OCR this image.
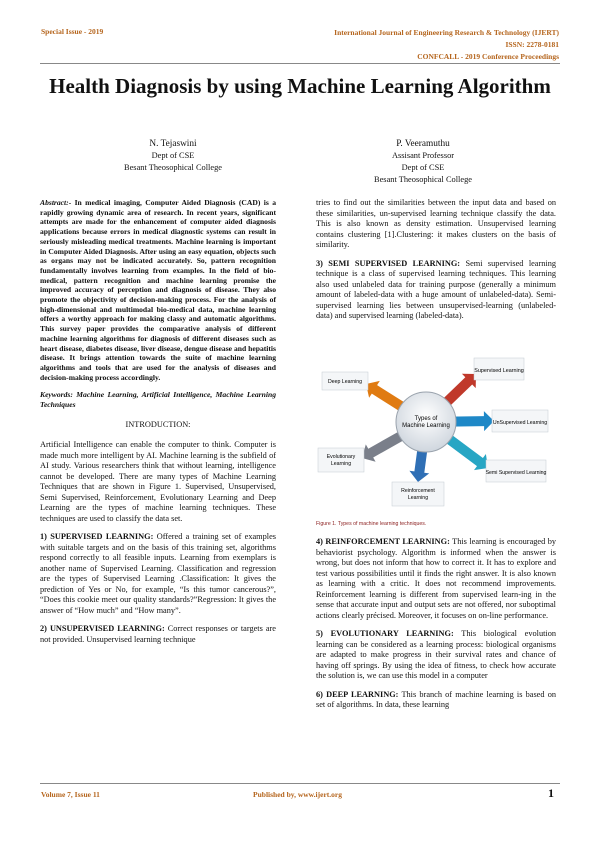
Special Issue - 2019	International Journal of Engineering Research & Technology (IJERT)
ISSN: 2278-0181
CONFCALL - 2019 Conference Proceedings
Health Diagnosis by using Machine Learning Algorithm
N. Tejaswini
Dept of CSE
Besant Theosophical College
P. Veeramuthu
Assisant Professor
Dept of CSE
Besant Theosophical College

Abstract:- In medical imaging, Computer Aided Diagnosis (CAD) is a rapidly growing dynamic area of research. In recent years, significant attempts are made for the enhancement of computer aided diagnosis applications because errors in medical diagnostic systems can result in seriously misleading medical treatments. Machine learning is important in Computer Aided Diagnosis. After using an easy equation, objects such as organs may not be indicated accurately. So, pattern recognition fundamentally involves learning from examples. In the field of bio-medical, pattern recognition and machine learning promise the improved accuracy of perception and diagnosis of disease. They also promote the objectivity of decision-making process. For the analysis of high-dimensional and multimodal bio-medical data, machine learning offers a worthy approach for making classy and automatic algorithms. This survey paper provides the comparative analysis of different machine learning algorithms for diagnosis of different diseases such as heart disease, diabetes disease, liver disease, dengue disease and hepatitis disease. It brings attention towards the suite of machine learning algorithms and tools that are used for the analysis of diseases and decision-making process accordingly.

Keywords: Machine Learning, Artificial Intelligence, Machine Learning Techniques

INTRODUCTION:

Artificial Intelligence can enable the computer to think. Computer is made much more intelligent by AI. Machine learning is the subfield of AI study. Various researchers think that without learning, intelligence cannot be developed. There are many types of Machine Learning Techniques that are shown in Figure 1. Supervised, Unsupervised, Semi Supervised, Reinforcement, Evolutionary Learning and Deep Learning are the types of machine learning techniques. These techniques are used to classify the data set.

1) SUPERVISED LEARNING: Offered a training set of examples with suitable targets and on the basis of this training set, algorithms respond correctly to all feasible inputs. Learning from exemplars is another name of Supervised Learning. Classification and regression are the types of Supervised Learning .Classification: It gives the prediction of Yes or No, for example, “Is this tumor cancerous?”, “Does this cookie meet our quality standards?”Regression: It gives the answer of “How much” and “How many”.

2) UNSUPERVISED LEARNING: Correct responses or targets are not provided. Unsupervised learning technique

tries to find out the similarities between the input data and based on these similarities, un-supervised learning technique classify the data. This is also known as density estimation. Unsupervised learning contains clustering [1].Clustering: it makes clusters on the basis of similarity.

3) SEMI SUPERVISED LEARNING: Semi supervised learning technique is a class of supervised learning techniques. This learning also used unlabeled data for training purpose (generally a minimum amount of labeled-data with a huge amount of unlabeled-data). Semi-supervised learning lies between unsupervised-learning (unlabeled-data) and supervised learning (labeled-data).

Types of Machine Learning
Supervised Learning
UnSupervised Learning
Semi Supervised Learning
Reinforcement Learning
Evolutionary Learning
Deep Learning

Figure 1. Types of machine learning techniques.

4) REINFORCEMENT LEARNING: This learning is encouraged by behaviorist psychology. Algorithm is informed when the answer is wrong, but does not inform that how to correct it. It has to explore and test various possibilities until it finds the right answer. It is also known as learning with a critic. It does not recommend improvements. Reinforcement learning is different from supervised learn-ing in the sense that accurate input and output sets are not offered, nor suboptimal actions clearly précised. Moreover, it focuses on on-line performance.

5) EVOLUTIONARY LEARNING: This biological evolution learning can be considered as a learning process: biological organisms are adapted to make progress in their survival rates and chance of having off springs. By using the idea of fitness, to check how accurate the solution is, we can use this model in a computer

6) DEEP LEARNING: This branch of machine learning is based on set of algorithms. In data, these learning

Volume 7, Issue 11	Published by, www.ijert.org	1
